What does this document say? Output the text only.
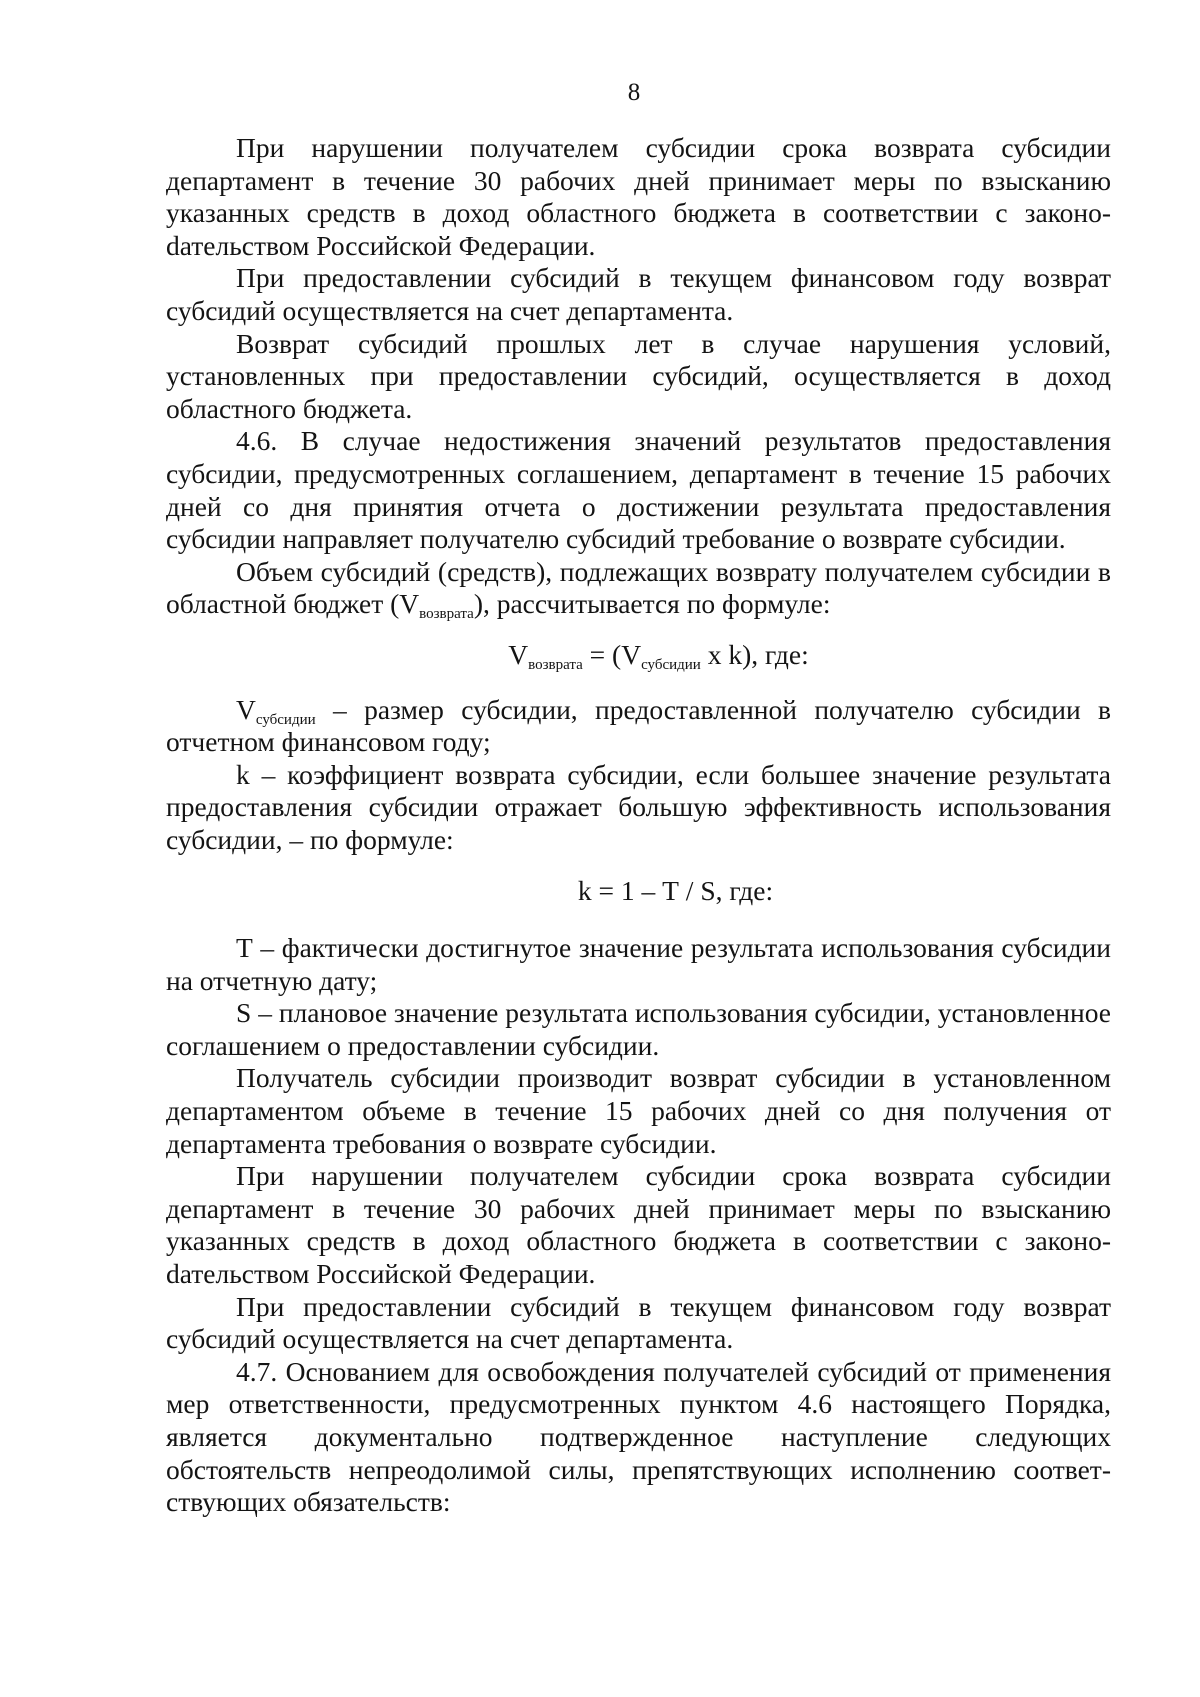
8

При нарушении получателем субсидии срока возврата субсидии департамент в течение 30 рабочих дней принимает меры по взысканию указанных средств в доход областного бюджета в соответствии с законоdательством Российской Федерации.

При предоставлении субсидий в текущем финансовом году возврат субсидий осуществляется на счет департамента.

Возврат субсидий прошлых лет в случае нарушения условий, установленных при предоставлении субсидий, осуществляется в доход областного бюджета.

4.6. В случае недостижения значений результатов предоставления субсидии, предусмотренных соглашением, департамент в течение 15 рабочих дней со дня принятия отчета о достижении результата предоставления субсидии направляет получателю субсидий требование о возврате субсидии.

Объем субсидий (средств), подлежащих возврату получателем субсидии в областной бюджет $(V_{возврата})$, рассчитывается по формуле:

$V_{возврата} = (V_{субсидии}$ x k), где:

$V_{субсидии}$ – размер субсидии, предоставленной получателю субсидии в отчетном финансовом году;

k – коэффициент возврата субсидии, если большее значение результата предоставления субсидии отражает большую эффективность использования субсидии, – по формуле:

k = 1 – Т / S, где:

Т – фактически достигнутое значение результата использования субсидии на отчетную дату;

S – плановое значение результата использования субсидии, установленное соглашением о предоставлении субсидии.

Получатель субсидии производит возврат субсидии в установленном департаментом объеме в течение 15 рабочих дней со дня получения от департамента требования о возврате субсидии.

При нарушении получателем субсидии срока возврата субсидии департамент в течение 30 рабочих дней принимает меры по взысканию указанных средств в доход областного бюджета в соответствии с законоdательством Российской Федерации.

При предоставлении субсидий в текущем финансовом году возврат субсидий осуществляется на счет департамента.

4.7. Основанием для освобождения получателей субсидий от применения мер ответственности, предусмотренных пунктом 4.6 настоящего Порядка, является документально подтвержденное наступление следующих обстоятельств непреодолимой силы, препятствующих исполнению соответствующих обязательств:
